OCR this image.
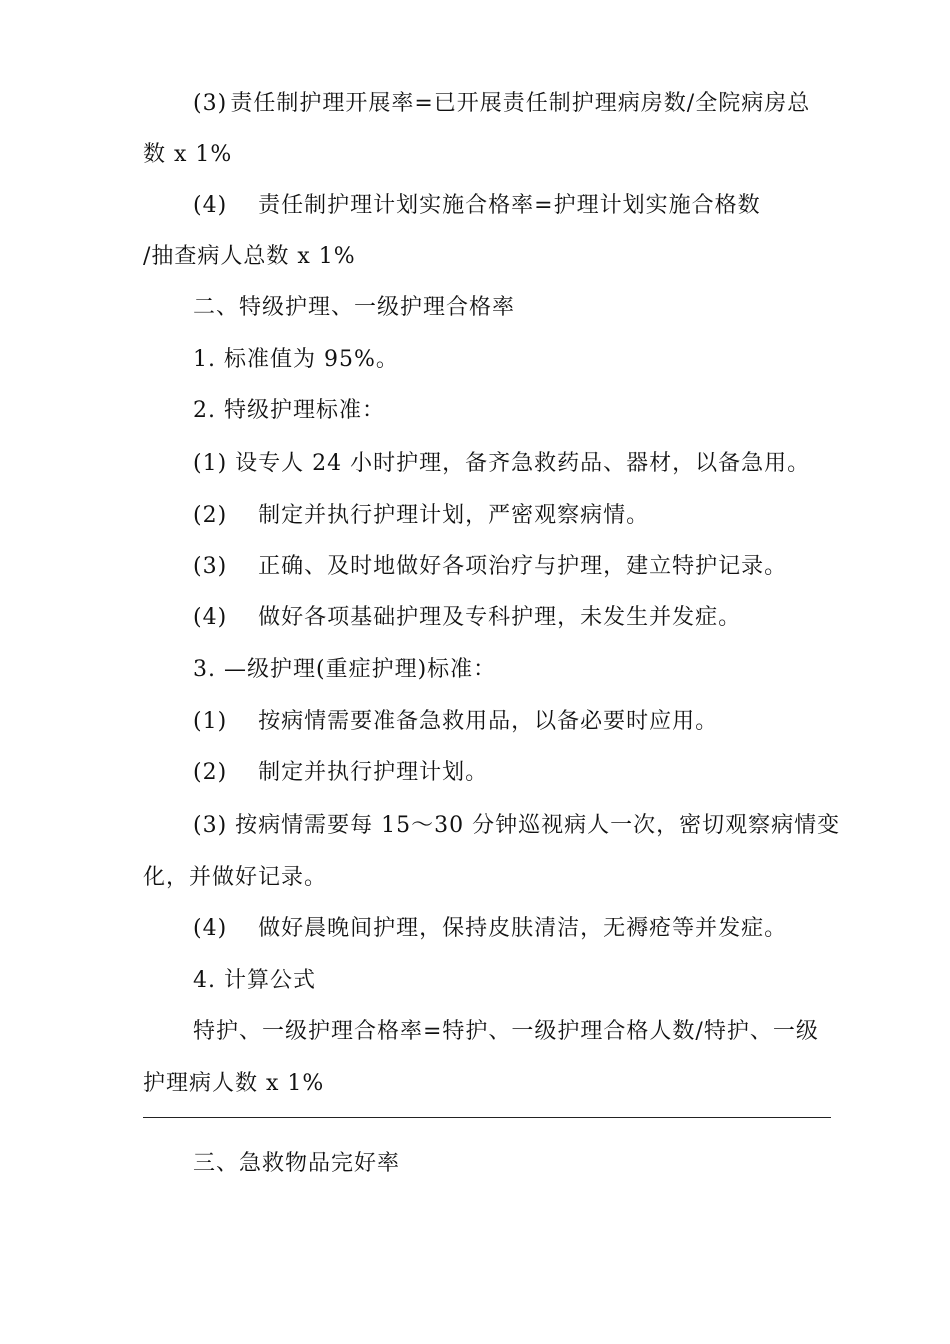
(3) 责任制护理开展率=已开展责任制护理病房数/全院病房总
数 x 1%
(4)　 责任制护理计划实施合格率=护理计划实施合格数
/抽查病人总数 x 1%
二、特级护理、一级护理合格率
1. 标准值为 95%。
2. 特级护理标准：
(1) 设专人 24 小时护理，备齐急救药品、器材，以备急用。
(2)　 制定并执行护理计划，严密观察病情。
(3)　 正确、及时地做好各项治疗与护理，建立特护记录。
(4)　 做好各项基础护理及专科护理，未发生并发症。
3. —级护理(重症护理)标准：
(1)　 按病情需要准备急救用品，以备必要时应用。
(2)　 制定并执行护理计划。
(3) 按病情需要每 15〜30 分钟巡视病人一次，密切观察病情变
化，并做好记录。
(4)　 做好晨晚间护理，保持皮肤清洁，无褥疮等并发症。
4. 计算公式
特护、一级护理合格率=特护、一级护理合格人数/特护、一级
护理病人数 x 1%
三、急救物品完好率
